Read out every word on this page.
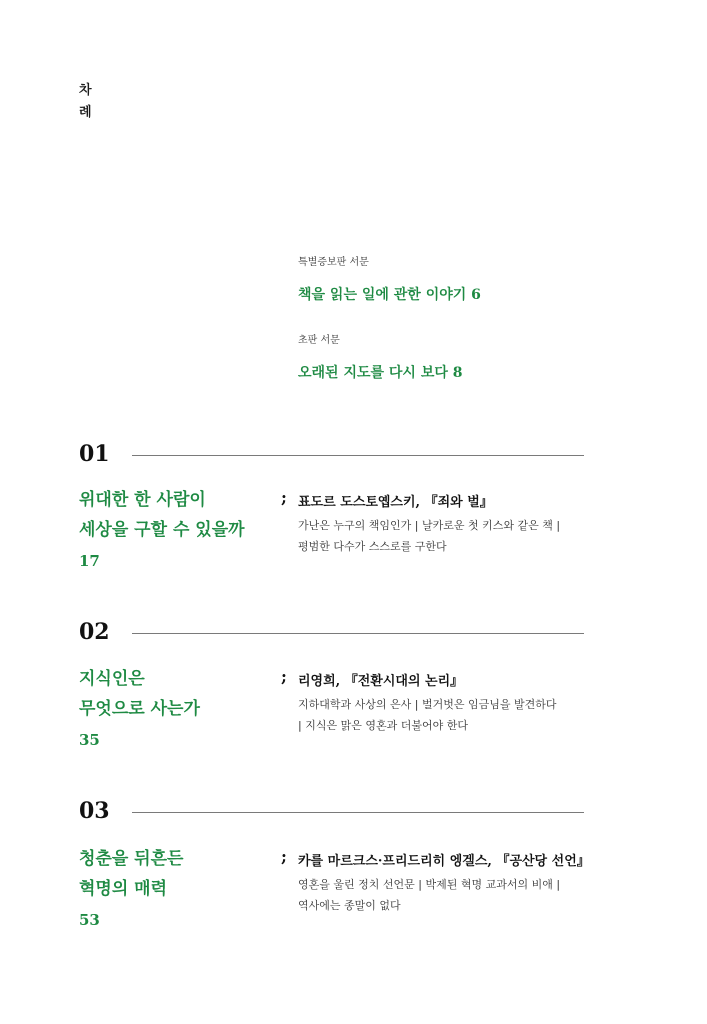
차
례
특별증보판 서문
책을 읽는 일에 관한 이야기 6
초판 서문
오래된 지도를 다시 보다 8
01
위대한 한 사람이
세상을 구할 수 있을까
17
; 표도르 도스토옙스키, 『죄와 벌』
가난은 누구의 책임인가 | 날카로운 첫 키스와 같은 책 |
평범한 다수가 스스로를 구한다
02
지식인은
무엇으로 사는가
35
; 리영희, 『전환시대의 논리』
지하대학과 사상의 은사 | 벌거벗은 임금님을 발견하다
| 지식은 맑은 영혼과 더불어야 한다
03
청춘을 뒤흔든
혁명의 매력
53
; 카를 마르크스·프리드리히 엥겔스, 『공산당 선언』
영혼을 울린 정치 선언문 | 박제된 혁명 교과서의 비애 |
역사에는 종말이 없다
